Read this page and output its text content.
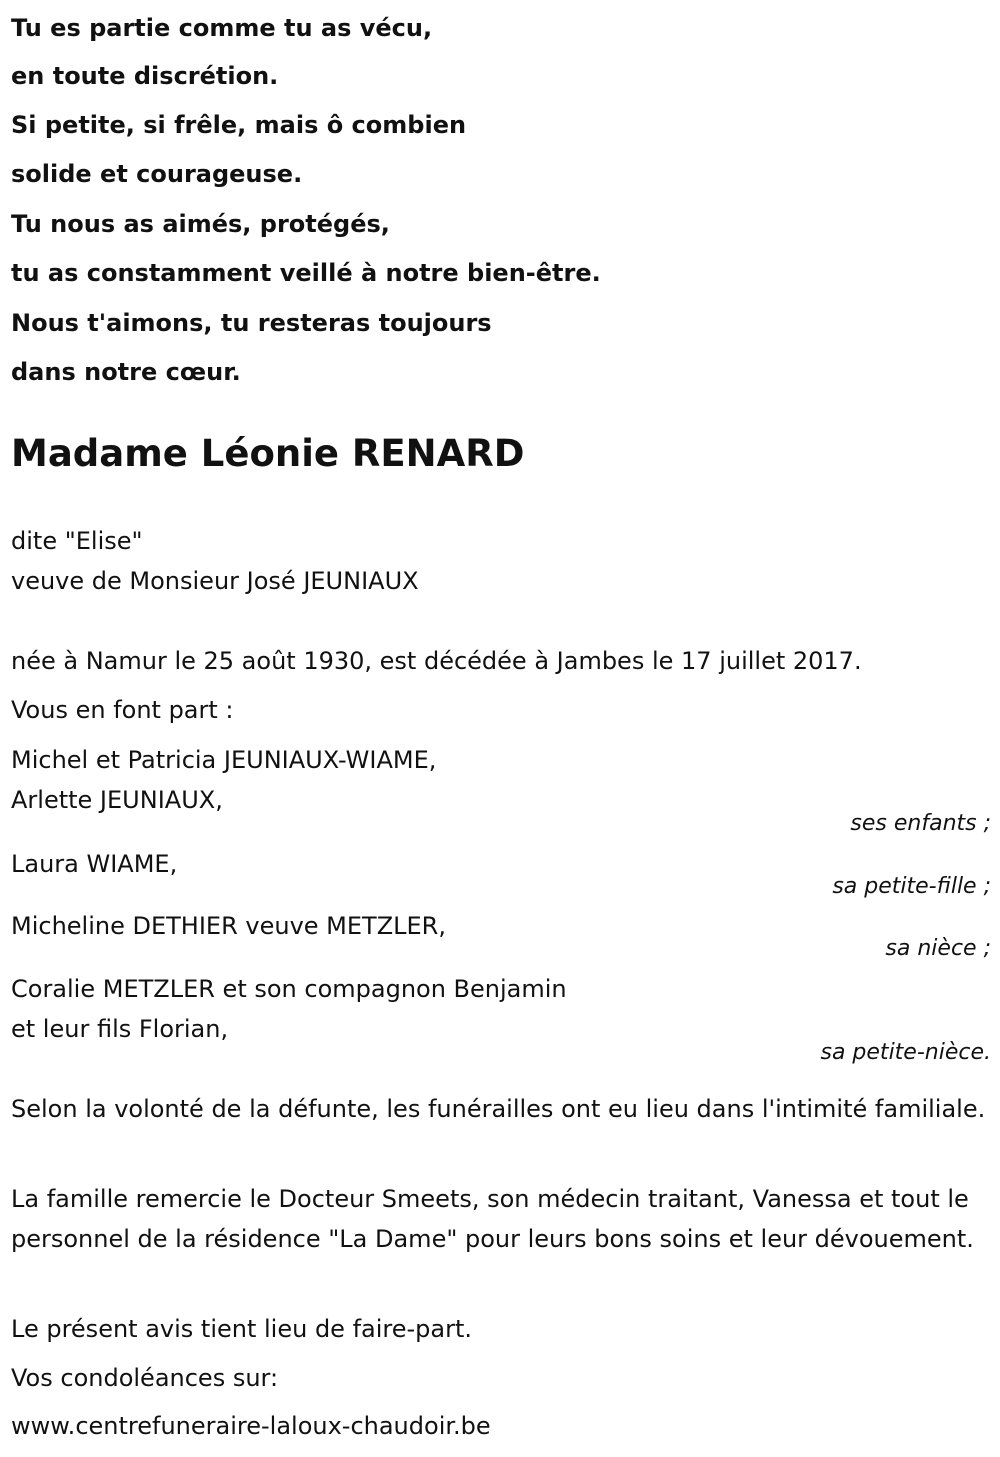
Tu es partie comme tu as vécu,
en toute discrétion.
Si petite, si frêle, mais ô combien
solide et courageuse.
Tu nous as aimés, protégés,
tu as constamment veillé à notre bien-être.
Nous t'aimons, tu resteras toujours
dans notre cœur.
Madame Léonie RENARD
dite "Elise"
veuve de Monsieur José JEUNIAUX
née à Namur le 25 août 1930, est décédée à Jambes le 17 juillet 2017.
Vous en font part :
Michel et Patricia JEUNIAUX-WIAME,
Arlette JEUNIAUX,
ses enfants ;
Laura WIAME,
sa petite-fille ;
Micheline DETHIER veuve METZLER,
sa nièce ;
Coralie METZLER et son compagnon Benjamin
et leur fils Florian,
sa petite-nièce.
Selon la volonté de la défunte, les funérailles ont eu lieu dans l'intimité familiale.
La famille remercie le Docteur Smeets, son médecin traitant, Vanessa et tout le personnel de la résidence "La Dame" pour leurs bons soins et leur dévouement.
Le présent avis tient lieu de faire-part.
Vos condoléances sur:
www.centrefuneraire-laloux-chaudoir.be
